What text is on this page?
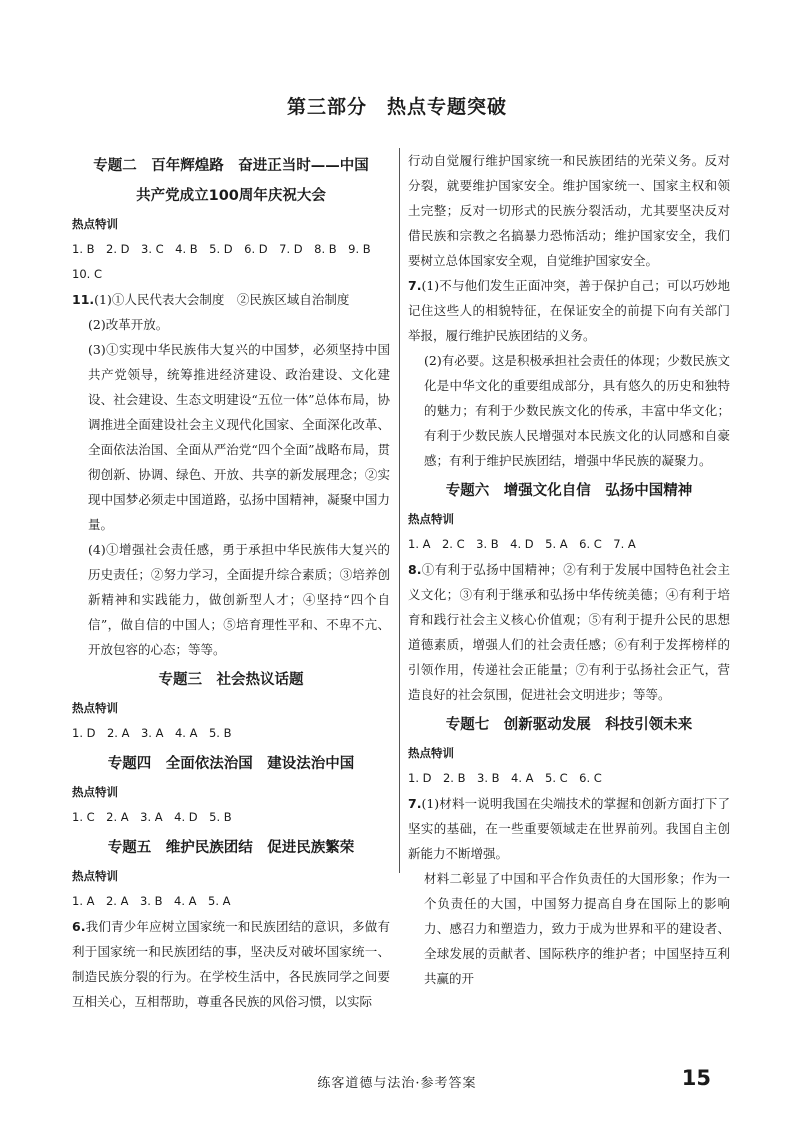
第三部分　热点专题突破
专题二　百年辉煌路　奋进正当时——中国
共产党成立100周年庆祝大会
热点特训
1. B　2. D　3. C　4. B　5. D　6. D　7. D　8. B　9. B
10. C
11.(1)①人民代表大会制度　②民族区域自治制度
(2)改革开放。
(3)①实现中华民族伟大复兴的中国梦，必须坚持中国共产党领导，统筹推进经济建设、政治建设、文化建设、社会建设、生态文明建设“五位一体”总体布局，协调推进全面建设社会主义现代化国家、全面深化改革、全面依法治国、全面从严治党“四个全面”战略布局，贯彻创新、协调、绿色、开放、共享的新发展理念；②实现中国梦必须走中国道路，弘扬中国精神，凝聚中国力量。
(4)①增强社会责任感，勇于承担中华民族伟大复兴的历史责任；②努力学习，全面提升综合素质；③培养创新精神和实践能力，做创新型人才；④坚持“四个自信”，做自信的中国人；⑤培育理性平和、不卑不亢、开放包容的心态；等等。
专题三　社会热议话题
热点特训
1. D　2. A　3. A　4. A　5. B
专题四　全面依法治国　建设法治中国
热点特训
1. C　2. A　3. A　4. D　5. B
专题五　维护民族团结　促进民族繁荣
热点特训
1. A　2. A　3. B　4. A　5. A
6.我们青少年应树立国家统一和民族团结的意识，多做有利于国家统一和民族团结的事，坚决反对破坏国家统一、制造民族分裂的行为。在学校生活中，各民族同学之间要互相关心，互相帮助，尊重各民族的风俗习惯，以实际
行动自觉履行维护国家统一和民族团结的光荣义务。反对分裂，就要维护国家安全。维护国家统一、国家主权和领土完整；反对一切形式的民族分裂活动，尤其要坚决反对借民族和宗教之名搞暴力恐怖活动；维护国家安全，我们要树立总体国家安全观，自觉维护国家安全。
7.(1)不与他们发生正面冲突，善于保护自己；可以巧妙地记住这些人的相貌特征，在保证安全的前提下向有关部门举报，履行维护民族团结的义务。
(2)有必要。这是积极承担社会责任的体现；少数民族文化是中华文化的重要组成部分，具有悠久的历史和独特的魅力；有利于少数民族文化的传承，丰富中华文化；有利于少数民族人民增强对本民族文化的认同感和自豪感；有利于维护民族团结，增强中华民族的凝聚力。
专题六　增强文化自信　弘扬中国精神
热点特训
1. A　2. C　3. B　4. D　5. A　6. C　7. A
8.①有利于弘扬中国精神；②有利于发展中国特色社会主义文化；③有利于继承和弘扬中华传统美德；④有利于培育和践行社会主义核心价值观；⑤有利于提升公民的思想道德素质，增强人们的社会责任感；⑥有利于发挥榜样的引领作用，传递社会正能量；⑦有利于弘扬社会正气，营造良好的社会氛围，促进社会文明进步；等等。
专题七　创新驱动发展　科技引领未来
热点特训
1. D　2. B　3. B　4. A　5. C　6. C
7.(1)材料一说明我国在尖端技术的掌握和创新方面打下了坚实的基础，在一些重要领域走在世界前列。我国自主创新能力不断增强。
材料二彰显了中国和平合作负责任的大国形象；作为一个负责任的大国，中国努力提高自身在国际上的影响力、感召力和塑造力，致力于成为世界和平的建设者、全球发展的贡献者、国际秩序的维护者；中国坚持互利共赢的开
练客道德与法治·参考答案	15
